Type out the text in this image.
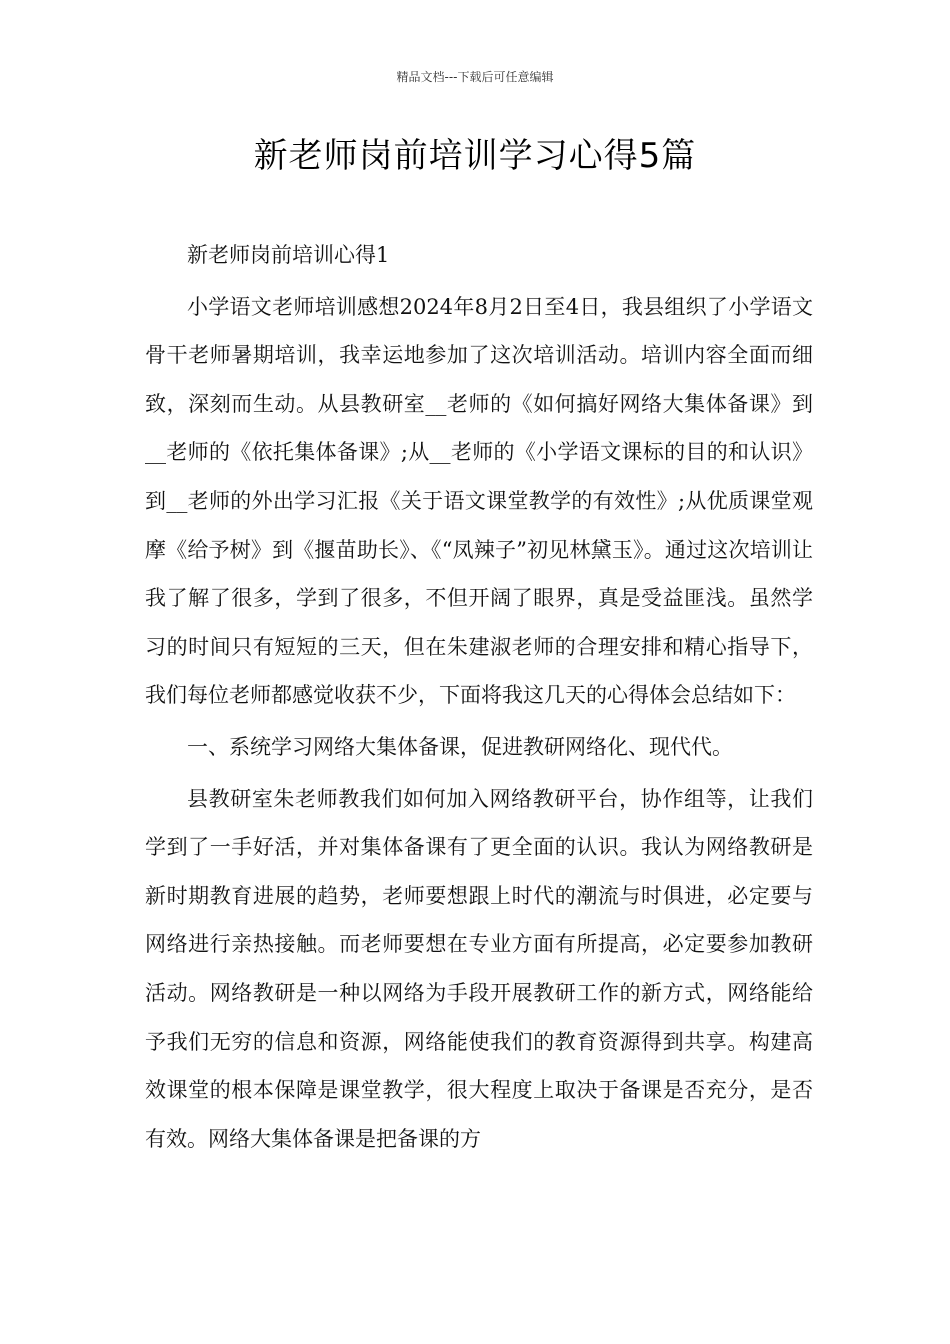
精品文档---下载后可任意编辑
新老师岗前培训学习心得5篇

新老师岗前培训心得1

小学语文老师培训感想2024年8月2日至4日，我县组织了小学语文骨干老师暑期培训，我幸运地参加了这次培训活动。培训内容全面而细致，深刻而生动。从县教研室__老师的《如何搞好网络大集体备课》到__老师的《依托集体备课》;从__老师的《小学语文课标的目的和认识》到__老师的外出学习汇报《关于语文课堂教学的有效性》;从优质课堂观摩《给予树》到《揠苗助长》、《“凤辣子”初见林黛玉》。通过这次培训让我了解了很多，学到了很多，不但开阔了眼界，真是受益匪浅。虽然学习的时间只有短短的三天，但在朱建淑老师的合理安排和精心指导下，我们每位老师都感觉收获不少，下面将我这几天的心得体会总结如下：

一、系统学习网络大集体备课，促进教研网络化、现代代。

县教研室朱老师教我们如何加入网络教研平台，协作组等，让我们学到了一手好活，并对集体备课有了更全面的认识。我认为网络教研是新时期教育进展的趋势，老师要想跟上时代的潮流与时俱进，必定要与网络进行亲热接触。而老师要想在专业方面有所提高，必定要参加教研活动。网络教研是一种以网络为手段开展教研工作的新方式，网络能给予我们无穷的信息和资源，网络能使我们的教育资源得到共享。构建高效课堂的根本保障是课堂教学，很大程度上取决于备课是否充分，是否有效。网络大集体备课是把备课的方
